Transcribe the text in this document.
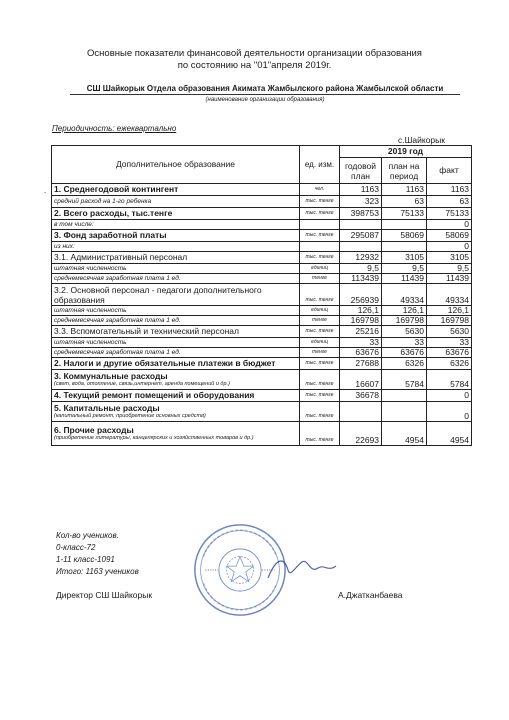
Основные показатели финансовой деятельности организации образования
по состоянию на "01"апреля 2019г.
СШ Шайкорык Отдела образования Акимата Жамбылского района Жамбылской области
(наименование организации образования)
Периодичность: ежеквартально
с.Шайкорык
.
Дополнительное образование	ед. изм.	2019 год		
		годовой план	план на период	факт
1. Среднегодовой контингент	чел.	1163	1163	1163
средний расход на 1-го ребенка	тыс. тенге	323	63	63
2. Всего расходы, тыс.тенге	тыс. тенге	398753	75133	75133
в том числе:				0
3. Фонд заработной платы	тыс. тенге	295087	58069	58069
из них:				0
3.1. Административный персонал	тыс. тенге	12932	3105	3105
штатная численность	единиц	9,5	9,5	9,5
среднемесячная заработная плата 1 ед.	тенге	113439	11439	11439
3.2. Основной персонал - педагоги дополнительного образования	тыс. тенге	256939	49334	49334
штатная численность	единиц	126,1	126,1	126,1
среднемесячная заработная плата 1 ед.	тенге	169798	169798	169798
3.3. Вспомогательный и технический персонал	тыс. тенге	25216	5630	5630
штатная численность	единиц	33	33	33
среднемесячная заработная плата 1 ед.	тенге	63676	63676	63676
2. Налоги и другие обязательные платежи в бюджет	тыс. тенге	27688	6326	6326
3. Коммунальные расходы
(свет, вода, отопление, связь,интернет, аренда помещений и др.)	тыс. тенге	16607	5784	5784
4. Текущий ремонт помещений и оборудования	тыс. тенге	36678		0
5. Капитальные расходы
(капитальный ремонт, приобретение основных средств)	тыс. тенге			0
6. Прочие расходы
(приобретение литературы, канцелярских и хозяйственных товаров и др.)	тыс. тенге	22693	4954	4954
Кол-во учеников.
0-класс-72
1-11 класс-1091
Итого: 1163 учеников
Директор СШ Шайкорык	А.Джатканбаева
